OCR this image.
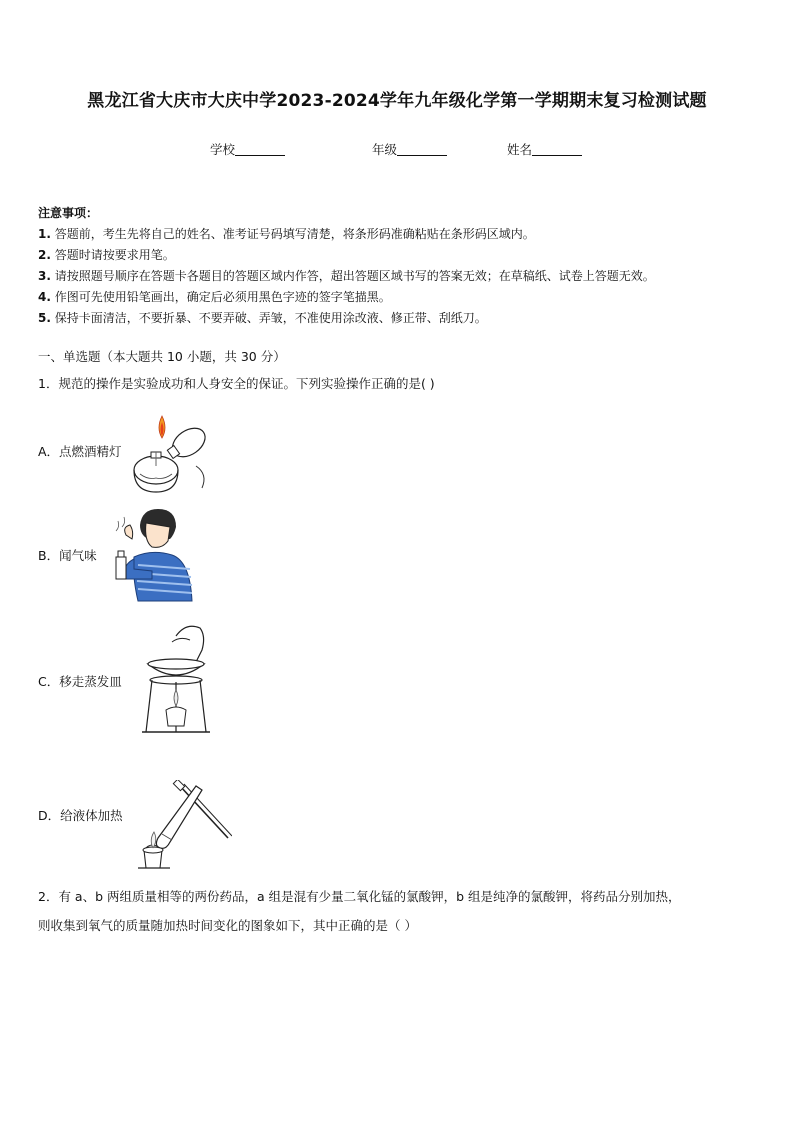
黑龙江省大庆市大庆中学2023-2024学年九年级化学第一学期期末复习检测试题
学校	年级	姓名
注意事项：
1. 答题前，考生先将自己的姓名、准考证号码填写清楚，将条形码准确粘贴在条形码区域内。
2. 答题时请按要求用笔。
3. 请按照题号顺序在答题卡各题目的答题区域内作答，超出答题区域书写的答案无效；在草稿纸、试卷上答题无效。
4. 作图可先使用铅笔画出，确定后必须用黑色字迹的签字笔描黑。
5. 保持卡面清洁，不要折暴、不要弄破、弄皱，不准使用涂改液、修正带、刮纸刀。
一、单选题（本大题共 10 小题，共 30 分）
1．规范的操作是实验成功和人身安全的保证。下列实验操作正确的是( )
A．点燃酒精灯
B．闻气味
C．移走蒸发皿
D．给液体加热
2．有 a、b 两组质量相等的两份药品，a 组是混有少量二氧化锰的氯酸钾，b 组是纯净的氯酸钾，将药品分别加热，
则收集到氧气的质量随加热时间变化的图象如下，其中正确的是（ ）
